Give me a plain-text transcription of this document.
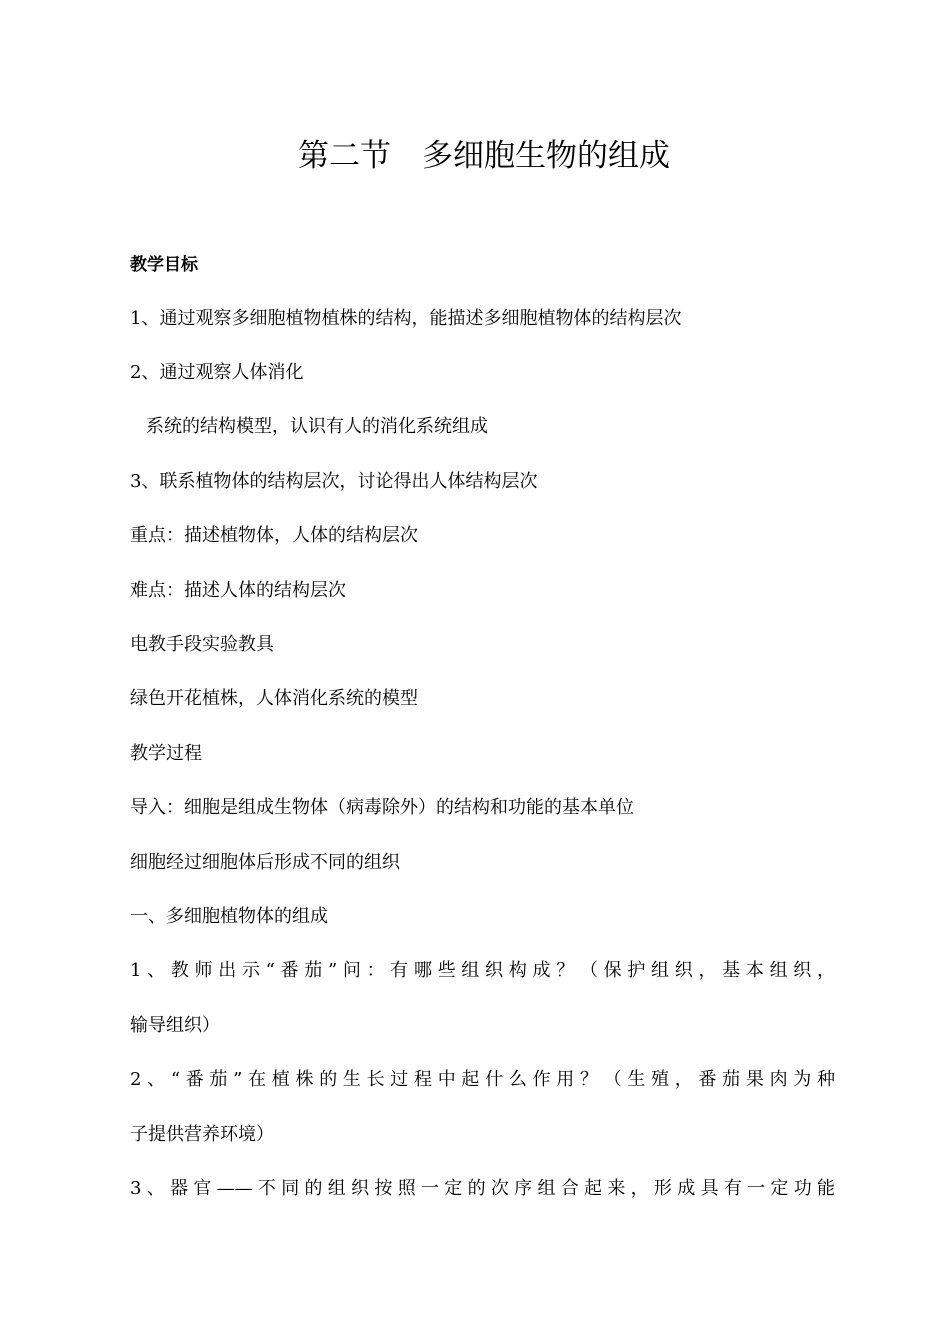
第二节　多细胞生物的组成
教学目标
1、通过观察多细胞植物植株的结构，能描述多细胞植物体的结构层次
2、通过观察人体消化
系统的结构模型，认识有人的消化系统组成
3、联系植物体的结构层次，讨论得出人体结构层次
重点：描述植物体，人体的结构层次
难点：描述人体的结构层次
电教手段实验教具
绿色开花植株，人体消化系统的模型
教学过程
导入：细胞是组成生物体（病毒除外）的结构和功能的基本单位
细胞经过细胞体后形成不同的组织
一、多细胞植物体的组成
1、教师出示“番茄”问：有哪些组织构成？（保护组织，基本组织，
输导组织）
2、“番茄”在植株的生长过程中起什么作用？（生殖，番茄果肉为种
子提供营养环境）
3、器官——不同的组织按照一定的次序组合起来，形成具有一定功能
